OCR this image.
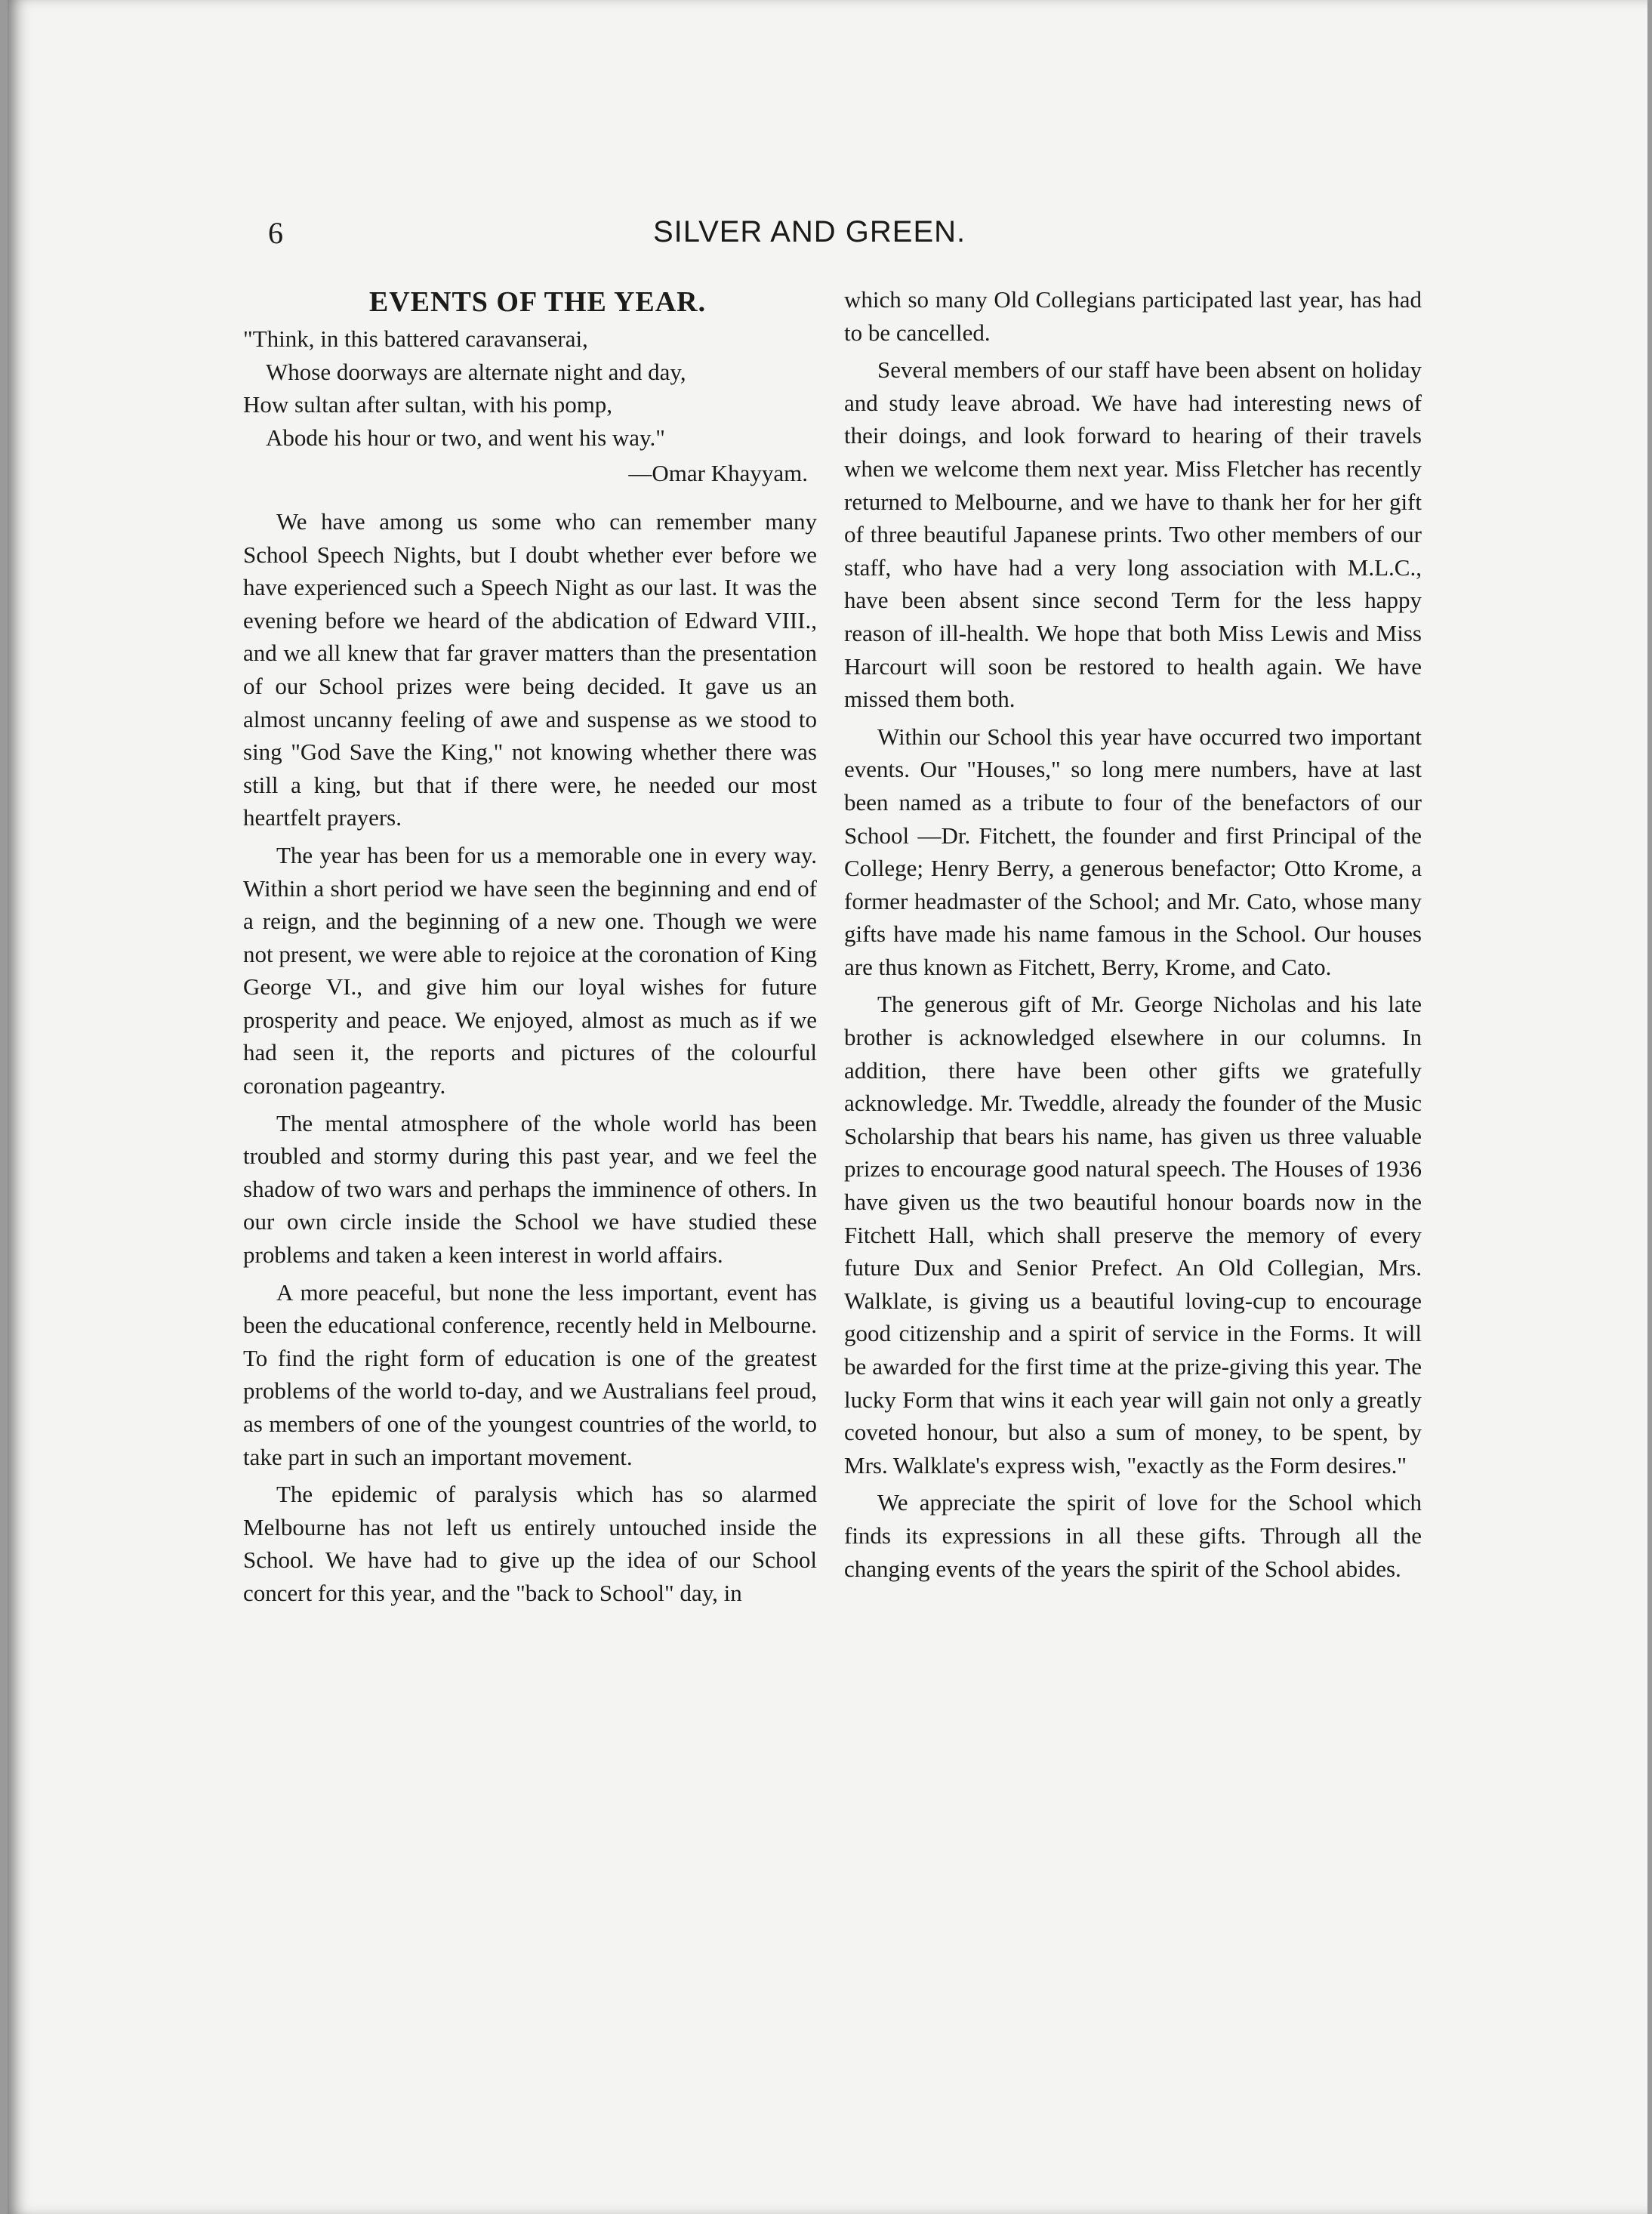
6	SILVER AND GREEN.
EVENTS OF THE YEAR.
"Think, in this battered caravanserai,
Whose doorways are alternate night and day,
How sultan after sultan, with his pomp,
Abode his hour or two, and went his way."
—Omar Khayyam.

We have among us some who can remember many School Speech Nights, but I doubt whether ever before we have experienced such a Speech Night as our last. It was the evening before we heard of the abdication of Edward VIII., and we all knew that far graver matters than the presentation of our School prizes were being decided. It gave us an almost uncanny feeling of awe and suspense as we stood to sing "God Save the King," not knowing whether there was still a king, but that if there were, he needed our most heartfelt prayers.

The year has been for us a memorable one in every way. Within a short period we have seen the beginning and end of a reign, and the beginning of a new one. Though we were not present, we were able to rejoice at the coronation of King George VI., and give him our loyal wishes for future prosperity and peace. We enjoyed, almost as much as if we had seen it, the reports and pictures of the colourful coronation pageantry.

The mental atmosphere of the whole world has been troubled and stormy during this past year, and we feel the shadow of two wars and perhaps the imminence of others. In our own circle inside the School we have studied these problems and taken a keen interest in world affairs.

A more peaceful, but none the less important, event has been the educational conference, recently held in Melbourne. To find the right form of education is one of the greatest problems of the world to-day, and we Australians feel proud, as members of one of the youngest countries of the world, to take part in such an important movement.

The epidemic of paralysis which has so alarmed Melbourne has not left us entirely untouched inside the School. We have had to give up the idea of our School concert for this year, and the "back to School" day, in

which so many Old Collegians participated last year, has had to be cancelled.

Several members of our staff have been absent on holiday and study leave abroad. We have had interesting news of their doings, and look forward to hearing of their travels when we welcome them next year. Miss Fletcher has recently returned to Melbourne, and we have to thank her for her gift of three beautiful Japanese prints. Two other members of our staff, who have had a very long association with M.L.C., have been absent since second Term for the less happy reason of ill-health. We hope that both Miss Lewis and Miss Harcourt will soon be restored to health again. We have missed them both.

Within our School this year have occurred two important events. Our "Houses," so long mere numbers, have at last been named as a tribute to four of the benefactors of our School —Dr. Fitchett, the founder and first Principal of the College; Henry Berry, a generous benefactor; Otto Krome, a former headmaster of the School; and Mr. Cato, whose many gifts have made his name famous in the School. Our houses are thus known as Fitchett, Berry, Krome, and Cato.

The generous gift of Mr. George Nicholas and his late brother is acknowledged elsewhere in our columns. In addition, there have been other gifts we gratefully acknowledge. Mr. Tweddle, already the founder of the Music Scholarship that bears his name, has given us three valuable prizes to encourage good natural speech. The Houses of 1936 have given us the two beautiful honour boards now in the Fitchett Hall, which shall preserve the memory of every future Dux and Senior Prefect. An Old Collegian, Mrs. Walklate, is giving us a beautiful loving-cup to encourage good citizenship and a spirit of service in the Forms. It will be awarded for the first time at the prize-giving this year. The lucky Form that wins it each year will gain not only a greatly coveted honour, but also a sum of money, to be spent, by Mrs. Walklate's express wish, "exactly as the Form desires."

We appreciate the spirit of love for the School which finds its expressions in all these gifts. Through all the changing events of the years the spirit of the School abides.
